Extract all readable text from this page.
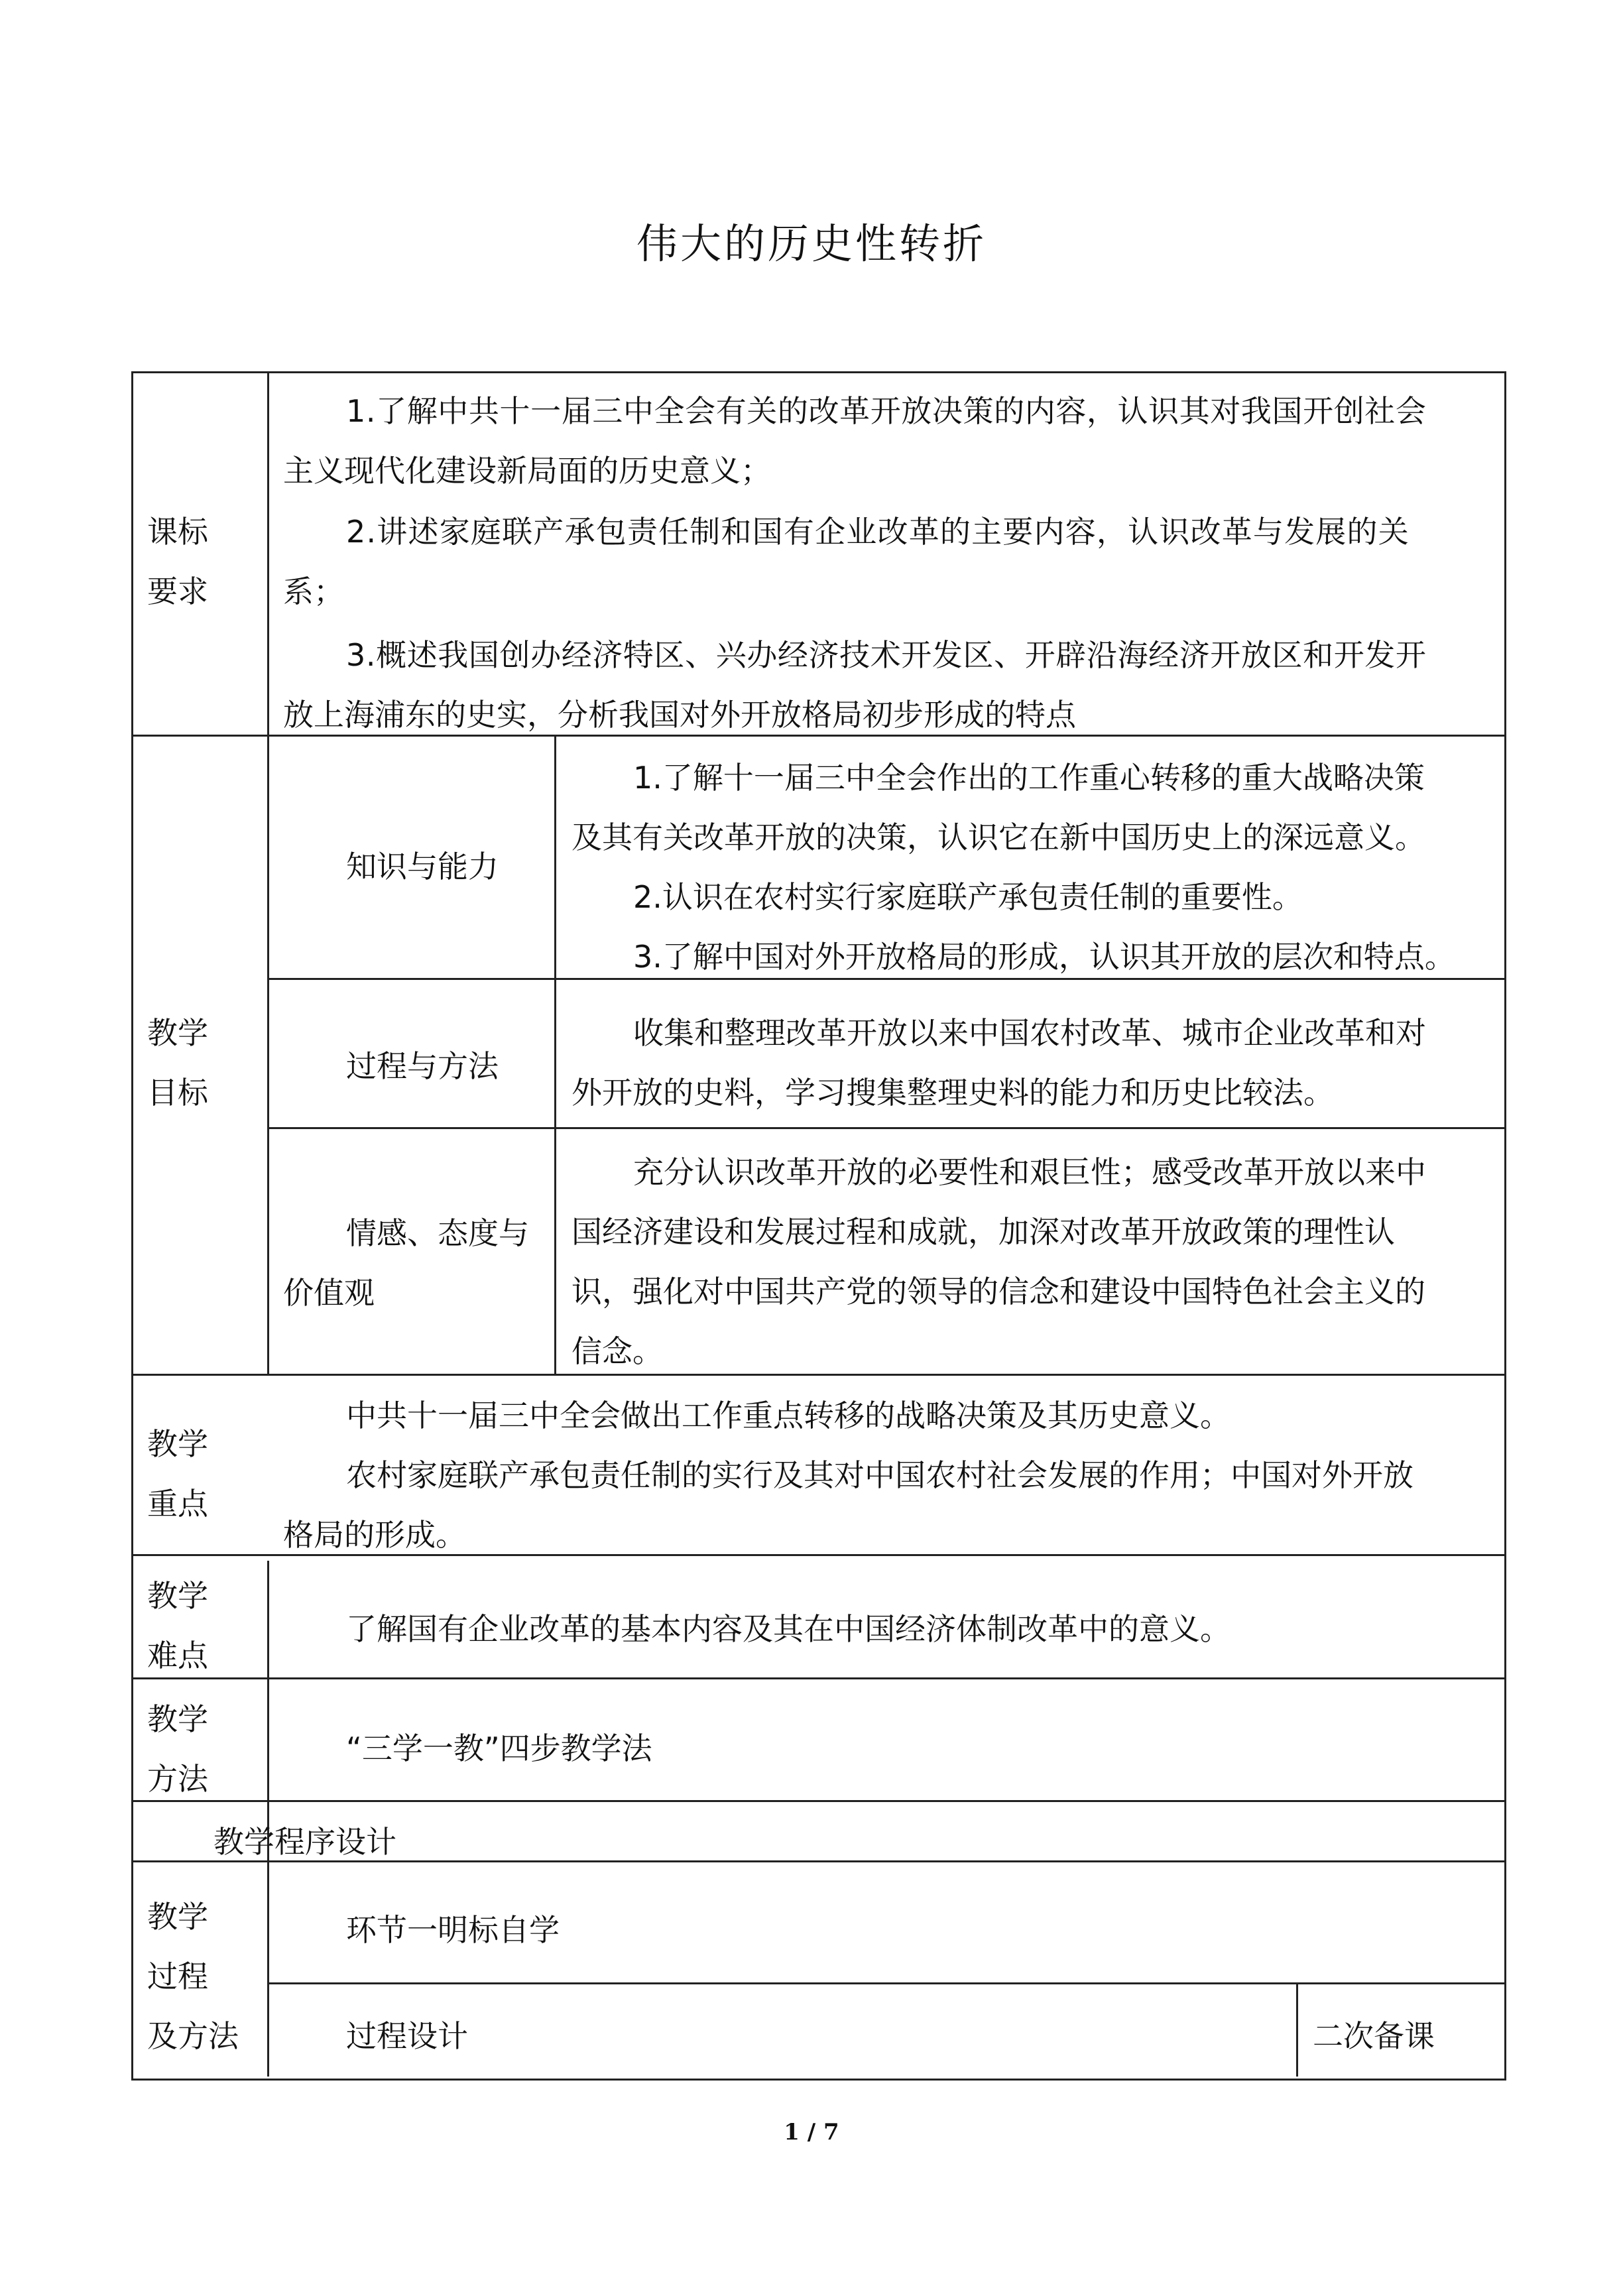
伟大的历史性转折
课标
要求
1.了解中共十一届三中全会有关的改革开放决策的内容，认识其对我国开创社会
主义现代化建设新局面的历史意义；
2.讲述家庭联产承包责任制和国有企业改革的主要内容，认识改革与发展的关
系；
3.概述我国创办经济特区、兴办经济技术开发区、开辟沿海经济开放区和开发开
放上海浦东的史实，分析我国对外开放格局初步形成的特点
教学
目标
知识与能力
1.了解十一届三中全会作出的工作重心转移的重大战略决策
及其有关改革开放的决策，认识它在新中国历史上的深远意义。
2.认识在农村实行家庭联产承包责任制的重要性。
3.了解中国对外开放格局的形成，认识其开放的层次和特点。
过程与方法
收集和整理改革开放以来中国农村改革、城市企业改革和对
外开放的史料，学习搜集整理史料的能力和历史比较法。
情感、态度与
价值观
充分认识改革开放的必要性和艰巨性；感受改革开放以来中
国经济建设和发展过程和成就，加深对改革开放政策的理性认
识，强化对中国共产党的领导的信念和建设中国特色社会主义的
信念。
教学
重点
中共十一届三中全会做出工作重点转移的战略决策及其历史意义。
农村家庭联产承包责任制的实行及其对中国农村社会发展的作用；中国对外开放
格局的形成。
教学
难点
了解国有企业改革的基本内容及其在中国经济体制改革中的意义。
教学
方法
“三学一教”四步教学法
教学程序设计
教学
过程
及方法
环节一明标自学
过程设计	二次备课
1 / 7
